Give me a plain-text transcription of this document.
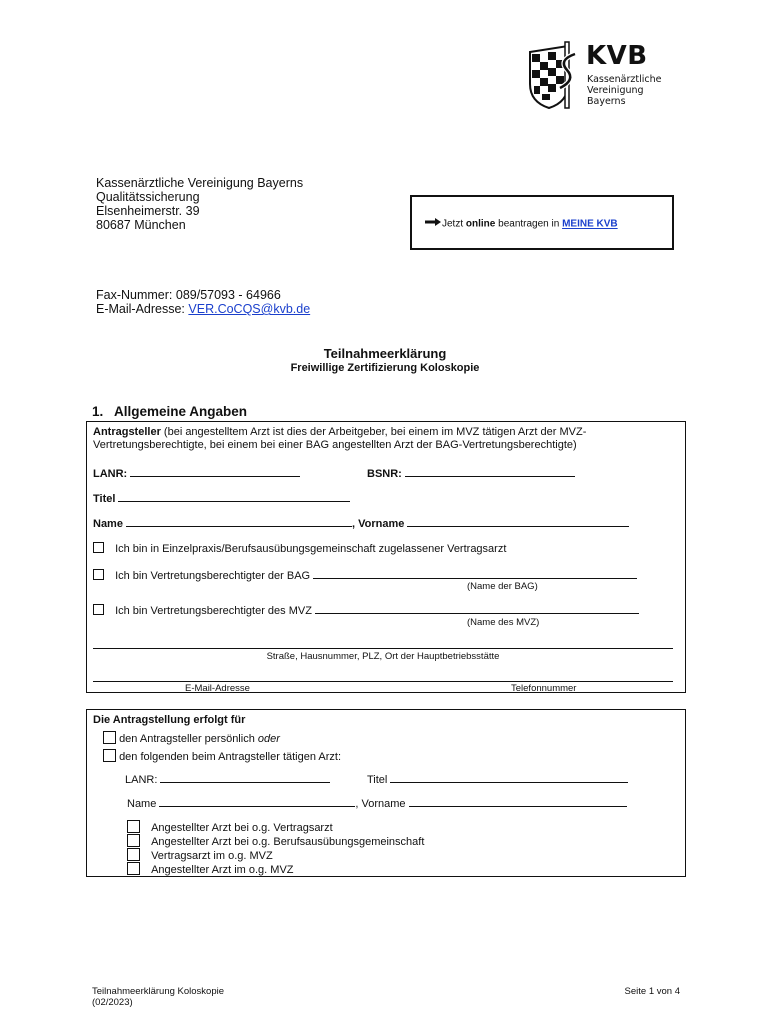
KVB
Kassenärztliche
Vereinigung
Bayerns
Kassenärztliche Vereinigung Bayerns
Qualitätssicherung
Elsenheimerstr. 39
80687 München	Jetzt online beantragen in MEINE KVB
Fax-Nummer: 089/57093 - 64966
E-Mail-Adresse: VER.CoCQS@kvb.de
Teilnahmeerklärung
Freiwillige Zertifizierung Koloskopie
1.   Allgemeine Angaben
Antragsteller (bei angestelltem Arzt ist dies der Arbeitgeber, bei einem im MVZ tätigen Arzt der MVZ-
Vertretungsberechtigte, bei einem bei einer BAG angestellten Arzt der BAG-Vertretungsberechtigte)
LANR:	BSNR:
Titel
Name	, Vorname
Ich bin in Einzelpraxis/Berufsausübungsgemeinschaft zugelassener Vertragsarzt
Ich bin Vertretungsberechtigter der BAG
(Name der BAG)
Ich bin Vertretungsberechtigter des MVZ
(Name des MVZ)
Straße, Hausnummer, PLZ, Ort der Hauptbetriebsstätte
E-Mail-Adresse	Telefonnummer
Die Antragstellung erfolgt für
den Antragsteller persönlich oder
den folgenden beim Antragsteller tätigen Arzt:
LANR:	Titel
Name	, Vorname
Angestellter Arzt bei o.g. Vertragsarzt
Angestellter Arzt bei o.g. Berufsausübungsgemeinschaft
Vertragsarzt im o.g. MVZ
Angestellter Arzt im o.g. MVZ
Teilnahmeerklärung Koloskopie
(02/2023)
Seite 1 von 4
